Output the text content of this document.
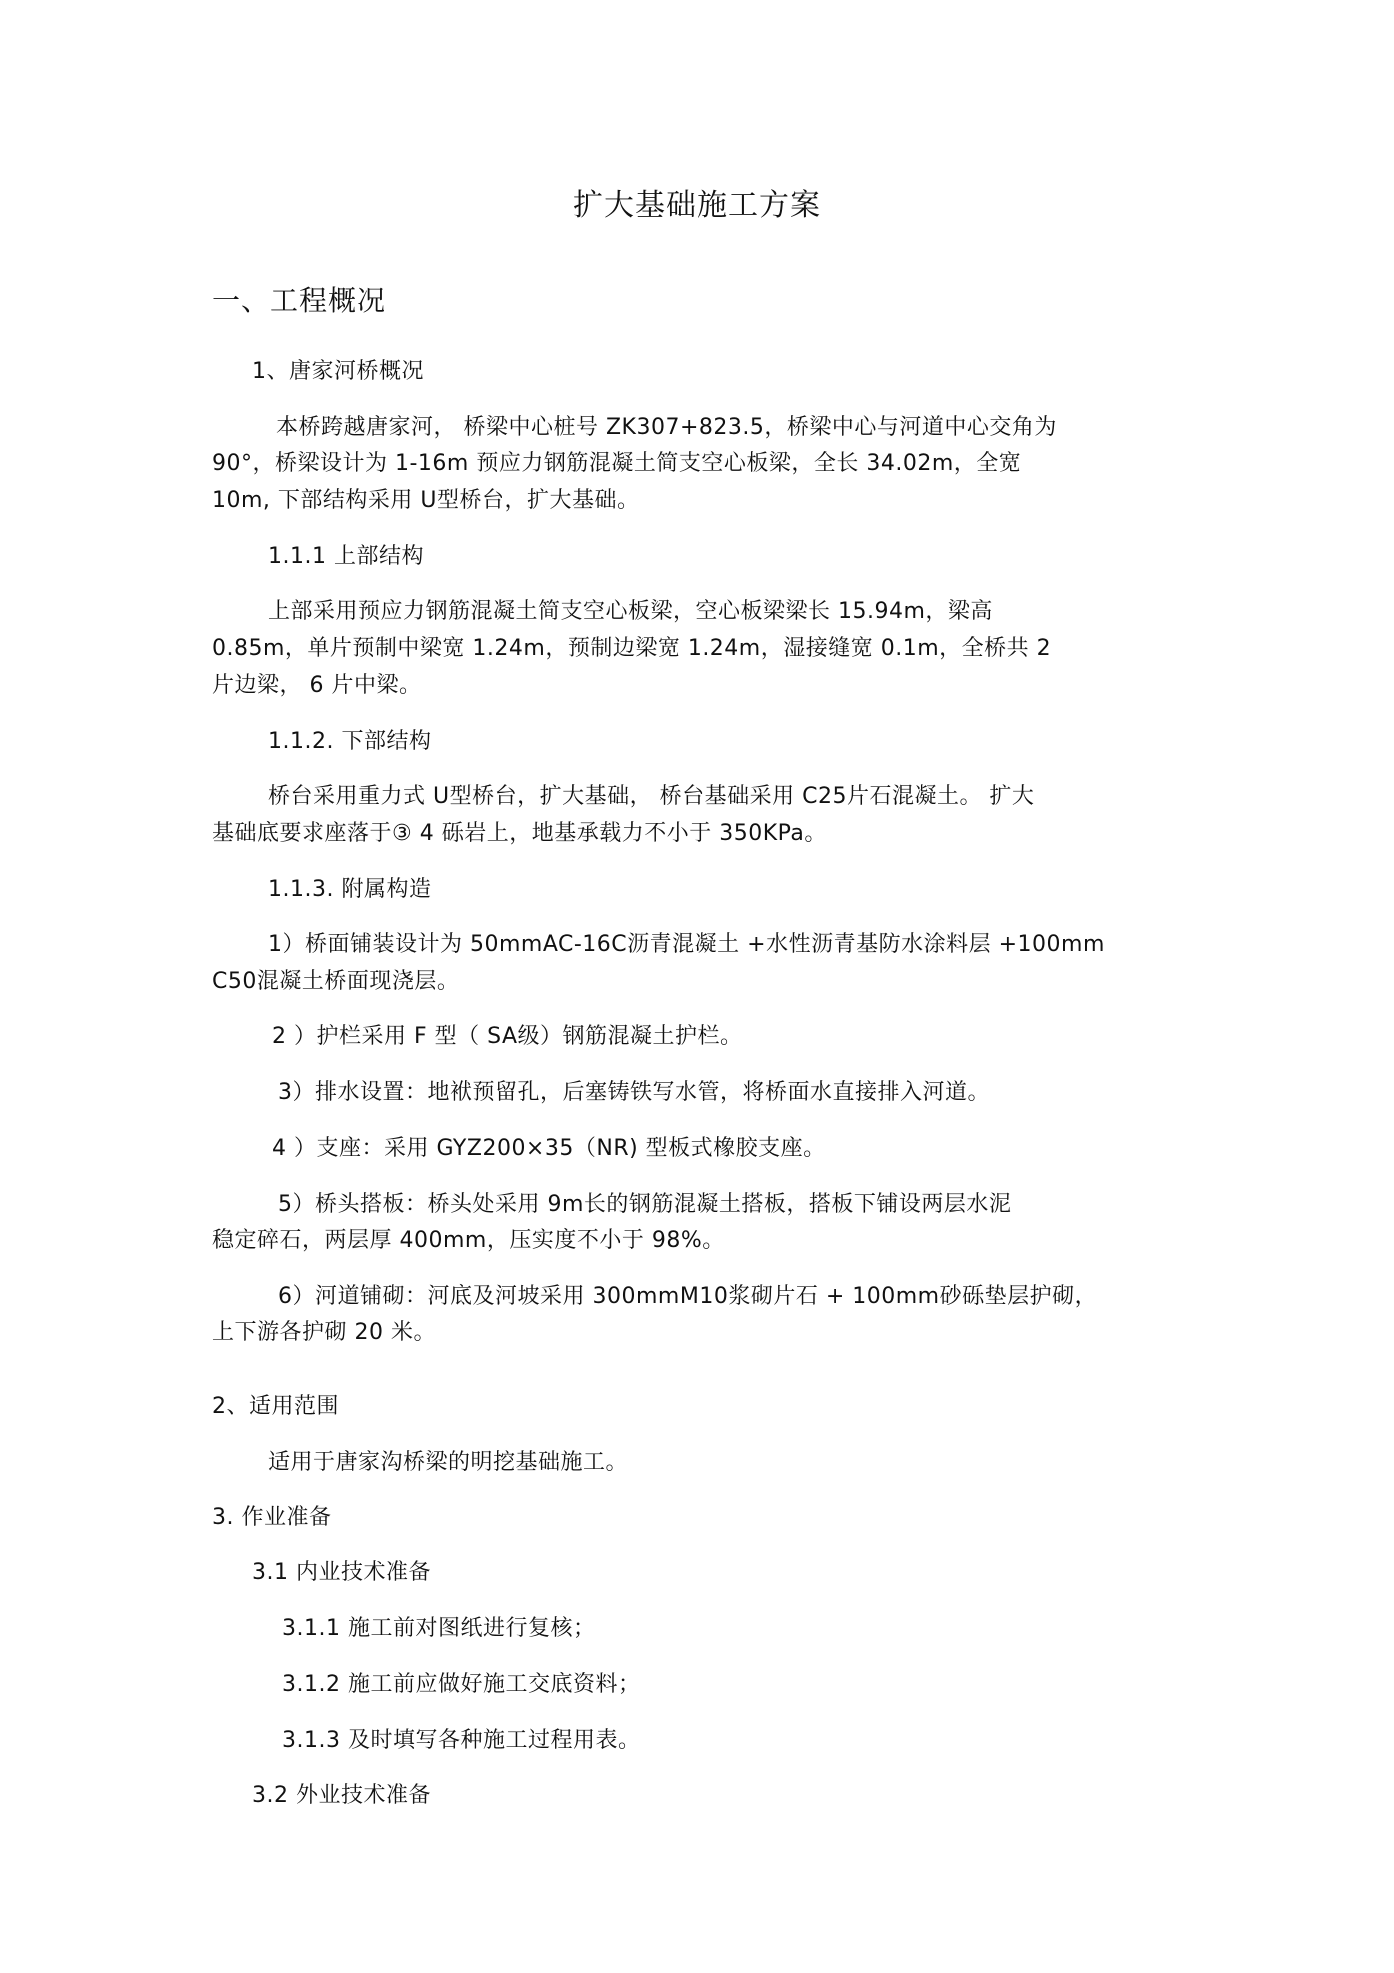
扩大基础施工方案
一、工程概况
1、唐家河桥概况
本桥跨越唐家河， 桥梁中心桩号 ZK307+823.5，桥梁中心与河道中心交角为
90°，桥梁设计为 1-16m 预应力钢筋混凝土简支空心板梁，全长 34.02m，全宽
10m, 下部结构采用 U型桥台，扩大基础。
1.1.1 上部结构
上部采用预应力钢筋混凝土简支空心板梁，空心板梁梁长 15.94m，梁高
0.85m，单片预制中梁宽 1.24m，预制边梁宽 1.24m，湿接缝宽 0.1m，全桥共 2
片边梁， 6 片中梁。
1.1.2. 下部结构
桥台采用重力式 U型桥台，扩大基础， 桥台基础采用 C25片石混凝土。 扩大
基础底要求座落于③ 4 砾岩上，地基承载力不小于 350KPa。
1.1.3. 附属构造
1）桥面铺装设计为 50mmAC-16C沥青混凝土 +水性沥青基防水涂料层 +100mm
C50混凝土桥面现浇层。
2 ）护栏采用 F 型（ SA级）钢筋混凝土护栏。
3）排水设置：地袱预留孔，后塞铸铁写水管，将桥面水直接排入河道。
4 ）支座：采用 GYZ200×35（NR) 型板式橡胶支座。
5）桥头搭板：桥头处采用 9m长的钢筋混凝土搭板，搭板下铺设两层水泥
稳定碎石，两层厚 400mm，压实度不小于 98%。
6）河道铺砌：河底及河坡采用 300mmM10浆砌片石 + 100mm砂砾垫层护砌，
上下游各护砌 20 米。
2、适用范围
适用于唐家沟桥梁的明挖基础施工。
3. 作业准备
3.1 内业技术准备
3.1.1 施工前对图纸进行复核；
3.1.2 施工前应做好施工交底资料；
3.1.3 及时填写各种施工过程用表。
3.2 外业技术准备
